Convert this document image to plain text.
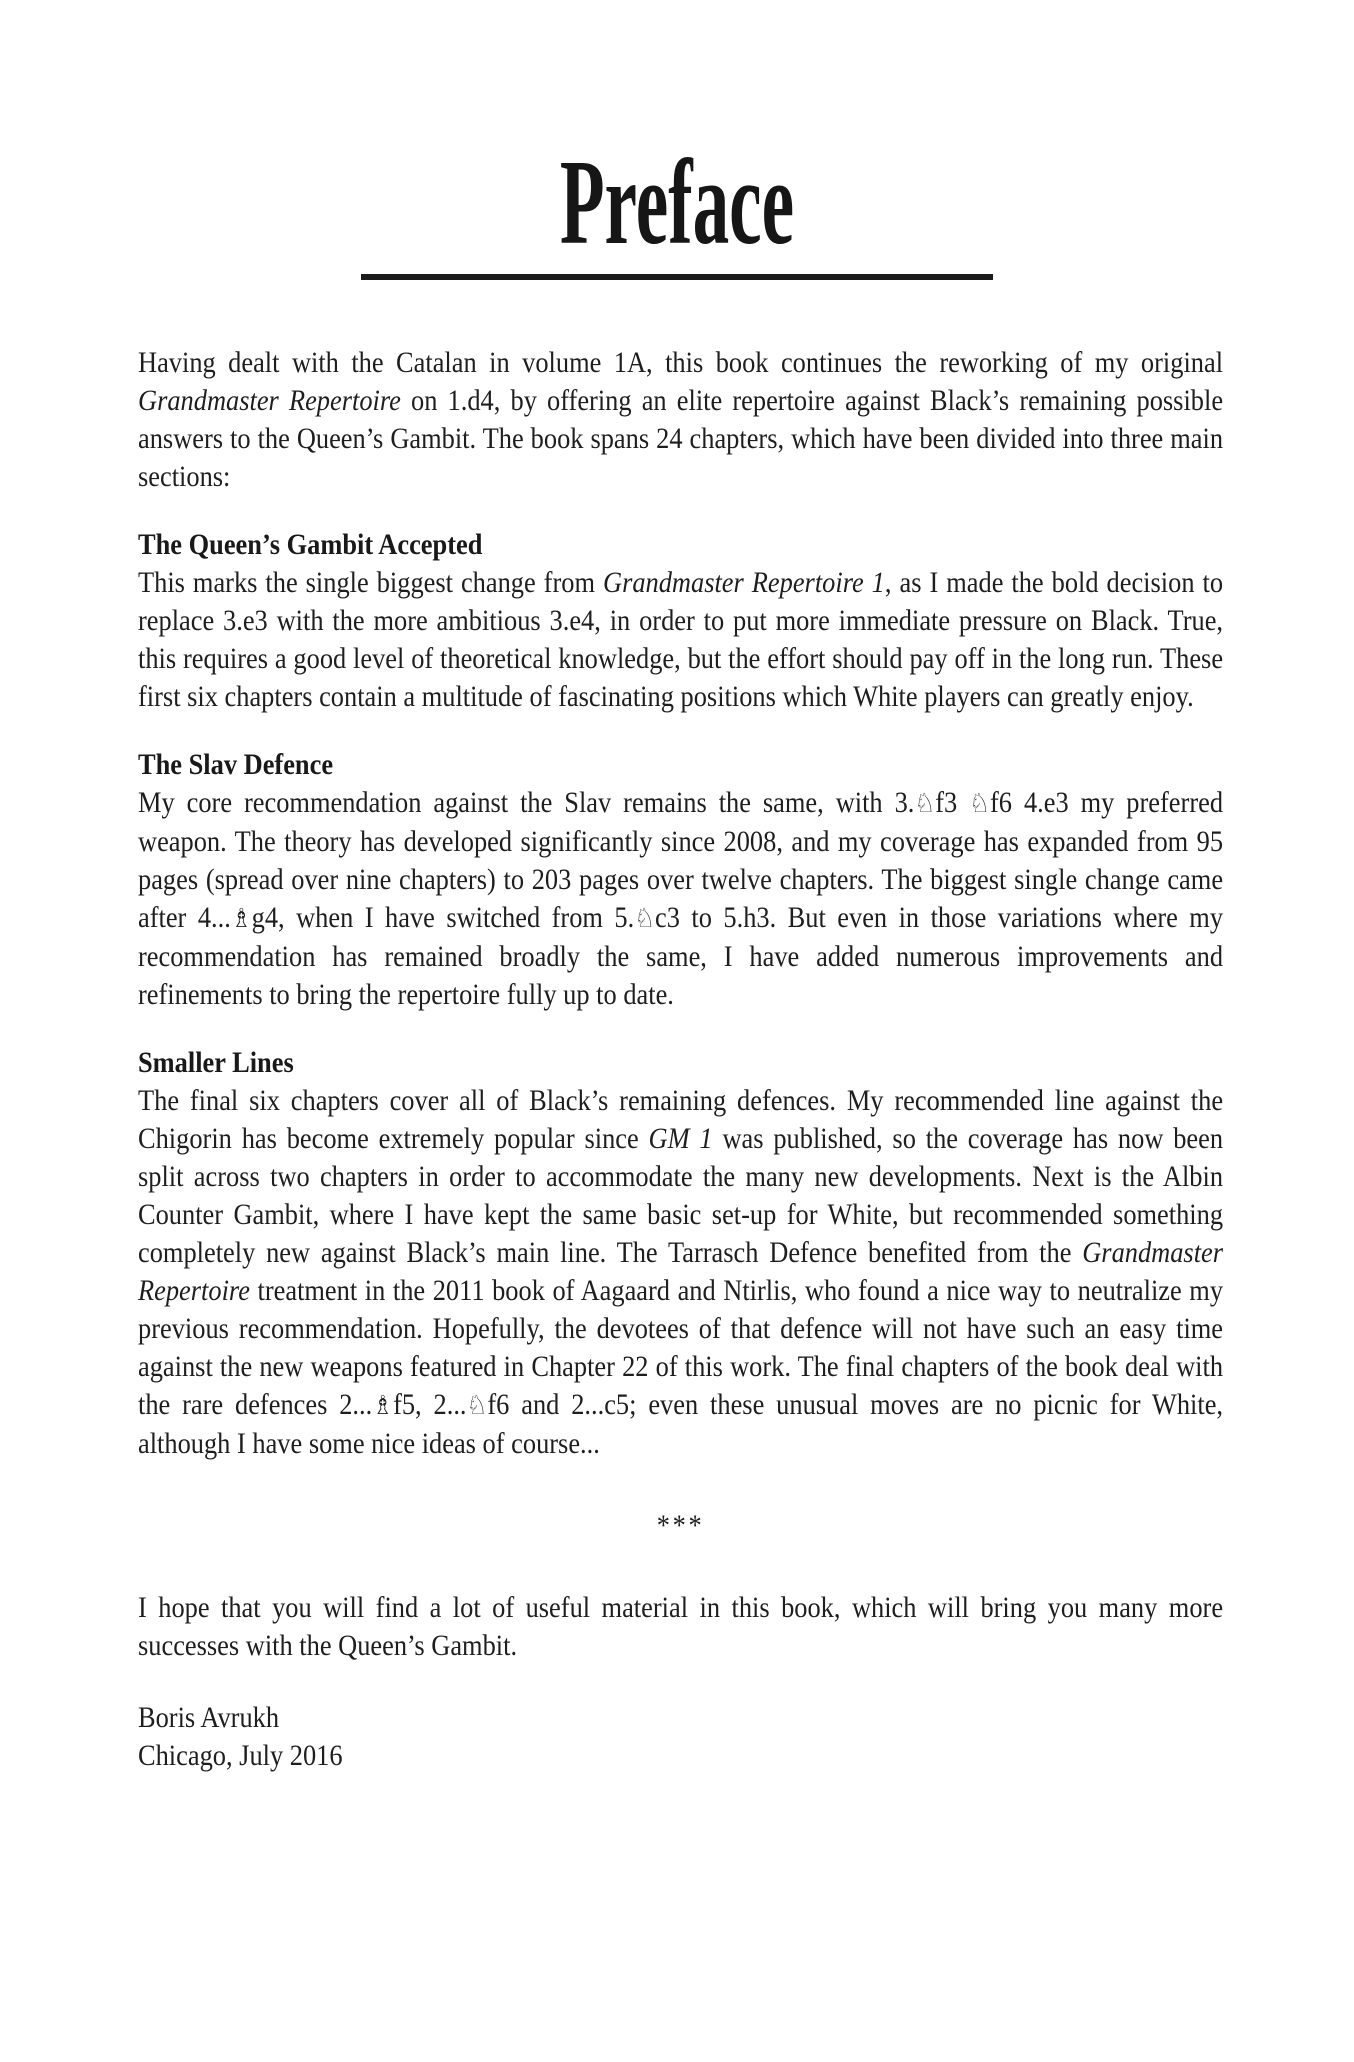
Preface

Having dealt with the Catalan in volume 1A, this book continues the reworking of my original Grandmaster Repertoire on 1.d4, by offering an elite repertoire against Black’s remaining possible answers to the Queen’s Gambit. The book spans 24 chapters, which have been divided into three main sections:

The Queen’s Gambit Accepted

This marks the single biggest change from Grandmaster Repertoire 1, as I made the bold decision to replace 3.e3 with the more ambitious 3.e4, in order to put more immediate pressure on Black. True, this requires a good level of theoretical knowledge, but the effort should pay off in the long run. These first six chapters contain a multitude of fascinating positions which White players can greatly enjoy.

The Slav Defence

My core recommendation against the Slav remains the same, with 3.♘f3 ♘f6 4.e3 my preferred weapon. The theory has developed significantly since 2008, and my coverage has expanded from 95 pages (spread over nine chapters) to 203 pages over twelve chapters. The biggest single change came after 4...♗g4, when I have switched from 5.♘c3 to 5.h3. But even in those variations where my recommendation has remained broadly the same, I have added numerous improvements and refinements to bring the repertoire fully up to date.

Smaller Lines

The final six chapters cover all of Black’s remaining defences. My recommended line against the Chigorin has become extremely popular since GM 1 was published, so the coverage has now been split across two chapters in order to accommodate the many new developments. Next is the Albin Counter Gambit, where I have kept the same basic set-up for White, but recommended something completely new against Black’s main line. The Tarrasch Defence benefited from the Grandmaster Repertoire treatment in the 2011 book of Aagaard and Ntirlis, who found a nice way to neutralize my previous recommendation. Hopefully, the devotees of that defence will not have such an easy time against the new weapons featured in Chapter 22 of this work. The final chapters of the book deal with the rare defences 2...♗f5, 2...♘f6 and 2...c5; even these unusual moves are no picnic for White, although I have some nice ideas of course...

***

I hope that you will find a lot of useful material in this book, which will bring you many more successes with the Queen’s Gambit.

Boris Avrukh
Chicago, July 2016
